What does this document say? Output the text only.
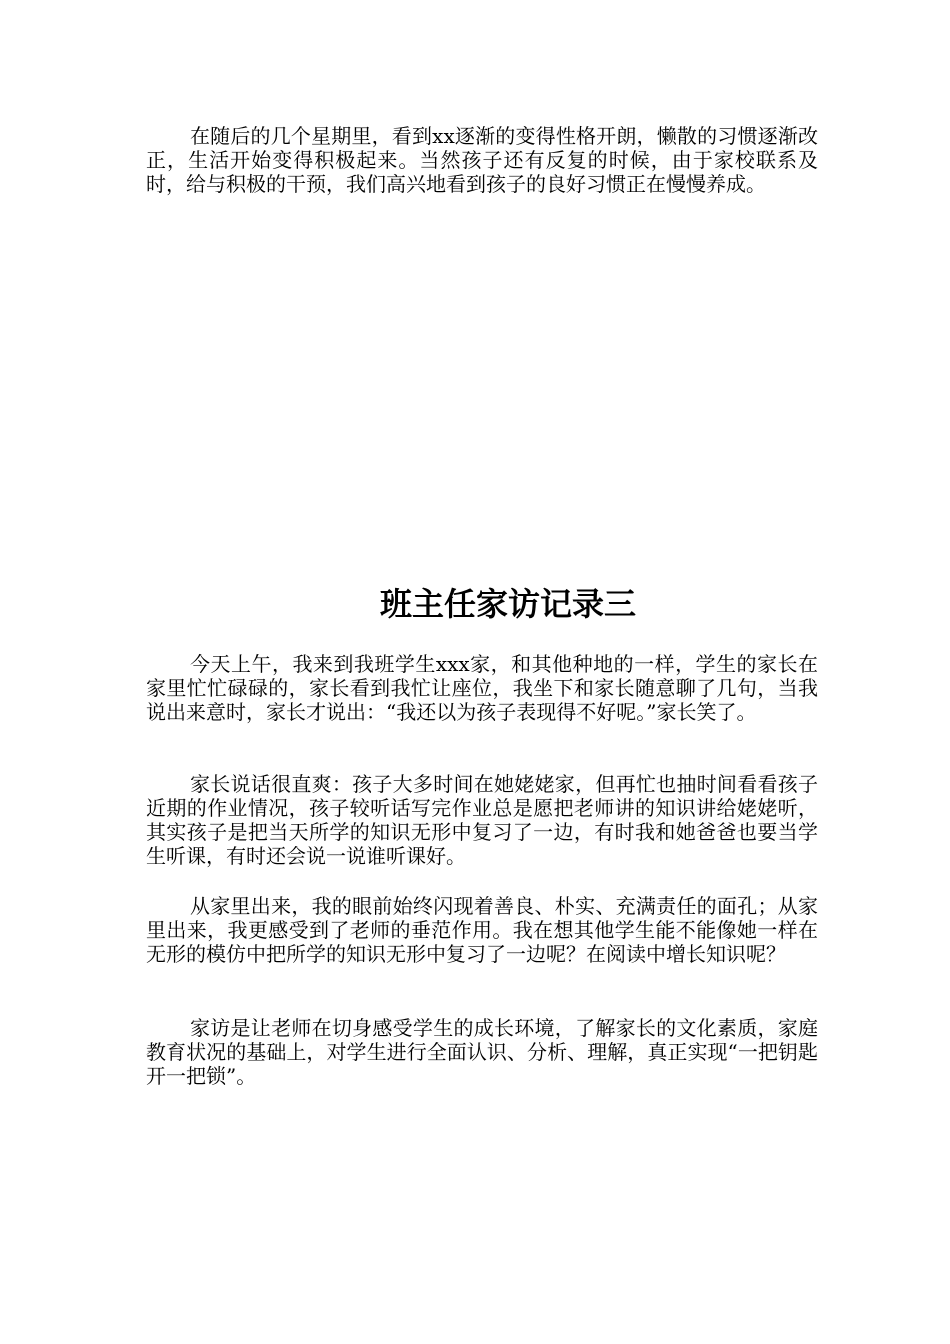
在随后的几个星期里，看到xx逐渐的变得性格开朗，懒散的习惯逐渐改正，生活开始变得积极起来。当然孩子还有反复的时候，由于家校联系及时，给与积极的干预，我们高兴地看到孩子的良好习惯正在慢慢养成。

班主任家访记录三

今天上午，我来到我班学生xxx家，和其他种地的一样，学生的家长在家里忙忙碌碌的，家长看到我忙让座位，我坐下和家长随意聊了几句，当我说出来意时，家长才说出：“我还以为孩子表现得不好呢。”家长笑了。

家长说话很直爽：孩子大多时间在她姥姥家，但再忙也抽时间看看孩子近期的作业情况，孩子较听话写完作业总是愿把老师讲的知识讲给姥姥听，其实孩子是把当天所学的知识无形中复习了一边，有时我和她爸爸也要当学生听课，有时还会说一说谁听课好。

从家里出来，我的眼前始终闪现着善良、朴实、充满责任的面孔；从家里出来，我更感受到了老师的垂范作用。我在想其他学生能不能像她一样在无形的模仿中把所学的知识无形中复习了一边呢？在阅读中增长知识呢？

家访是让老师在切身感受学生的成长环境，了解家长的文化素质，家庭教育状况的基础上，对学生进行全面认识、分析、理解，真正实现“一把钥匙开一把锁”。
